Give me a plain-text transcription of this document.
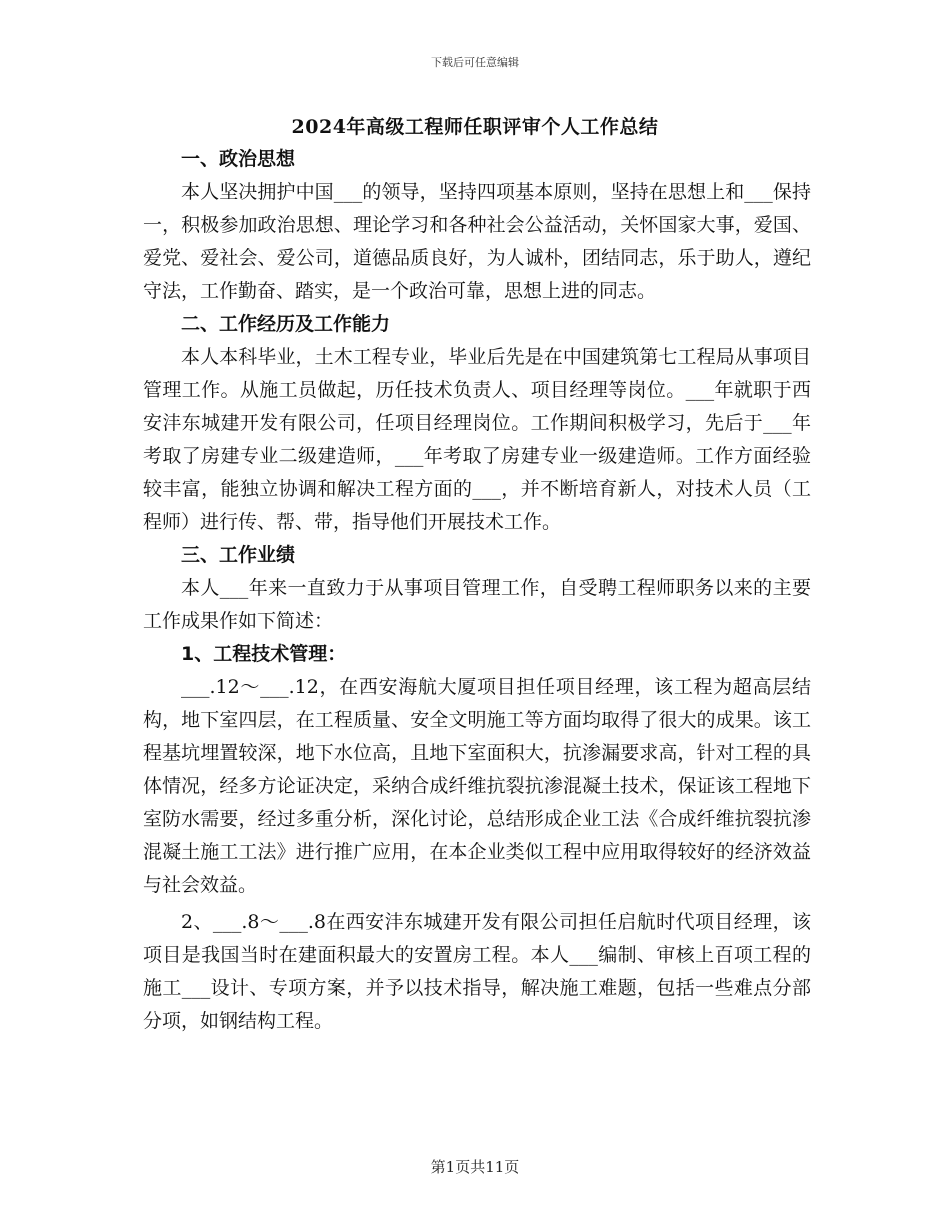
下载后可任意编辑
2024年高级工程师任职评审个人工作总结

一、政治思想

本人坚决拥护中国___的领导，坚持四项基本原则，坚持在思想上和___保持一，积极参加政治思想、理论学习和各种社会公益活动，关怀国家大事，爱国、爱党、爱社会、爱公司，道德品质良好，为人诚朴，团结同志，乐于助人，遵纪守法，工作勤奋、踏实，是一个政治可靠，思想上进的同志。

二、工作经历及工作能力

本人本科毕业，土木工程专业，毕业后先是在中国建筑第七工程局从事项目管理工作。从施工员做起，历任技术负责人、项目经理等岗位。___年就职于西安沣东城建开发有限公司，任项目经理岗位。工作期间积极学习，先后于___年考取了房建专业二级建造师，___年考取了房建专业一级建造师。工作方面经验较丰富，能独立协调和解决工程方面的___，并不断培育新人，对技术人员（工程师）进行传、帮、带，指导他们开展技术工作。

三、工作业绩

本人___年来一直致力于从事项目管理工作，自受聘工程师职务以来的主要工作成果作如下简述：

1、工程技术管理：

___.12～___.12，在西安海航大厦项目担任项目经理，该工程为超高层结构，地下室四层，在工程质量、安全文明施工等方面均取得了很大的成果。该工程基坑埋置较深，地下水位高，且地下室面积大，抗渗漏要求高，针对工程的具体情况，经多方论证决定，采纳合成纤维抗裂抗渗混凝土技术，保证该工程地下室防水需要，经过多重分析，深化讨论，总结形成企业工法《合成纤维抗裂抗渗混凝土施工工法》进行推广应用，在本企业类似工程中应用取得较好的经济效益与社会效益。

2、___.8～___.8在西安沣东城建开发有限公司担任启航时代项目经理，该项目是我国当时在建面积最大的安置房工程。本人___编制、审核上百项工程的施工___设计、专项方案，并予以技术指导，解决施工难题，包括一些难点分部分项，如钢结构工程。

第1页共11页
